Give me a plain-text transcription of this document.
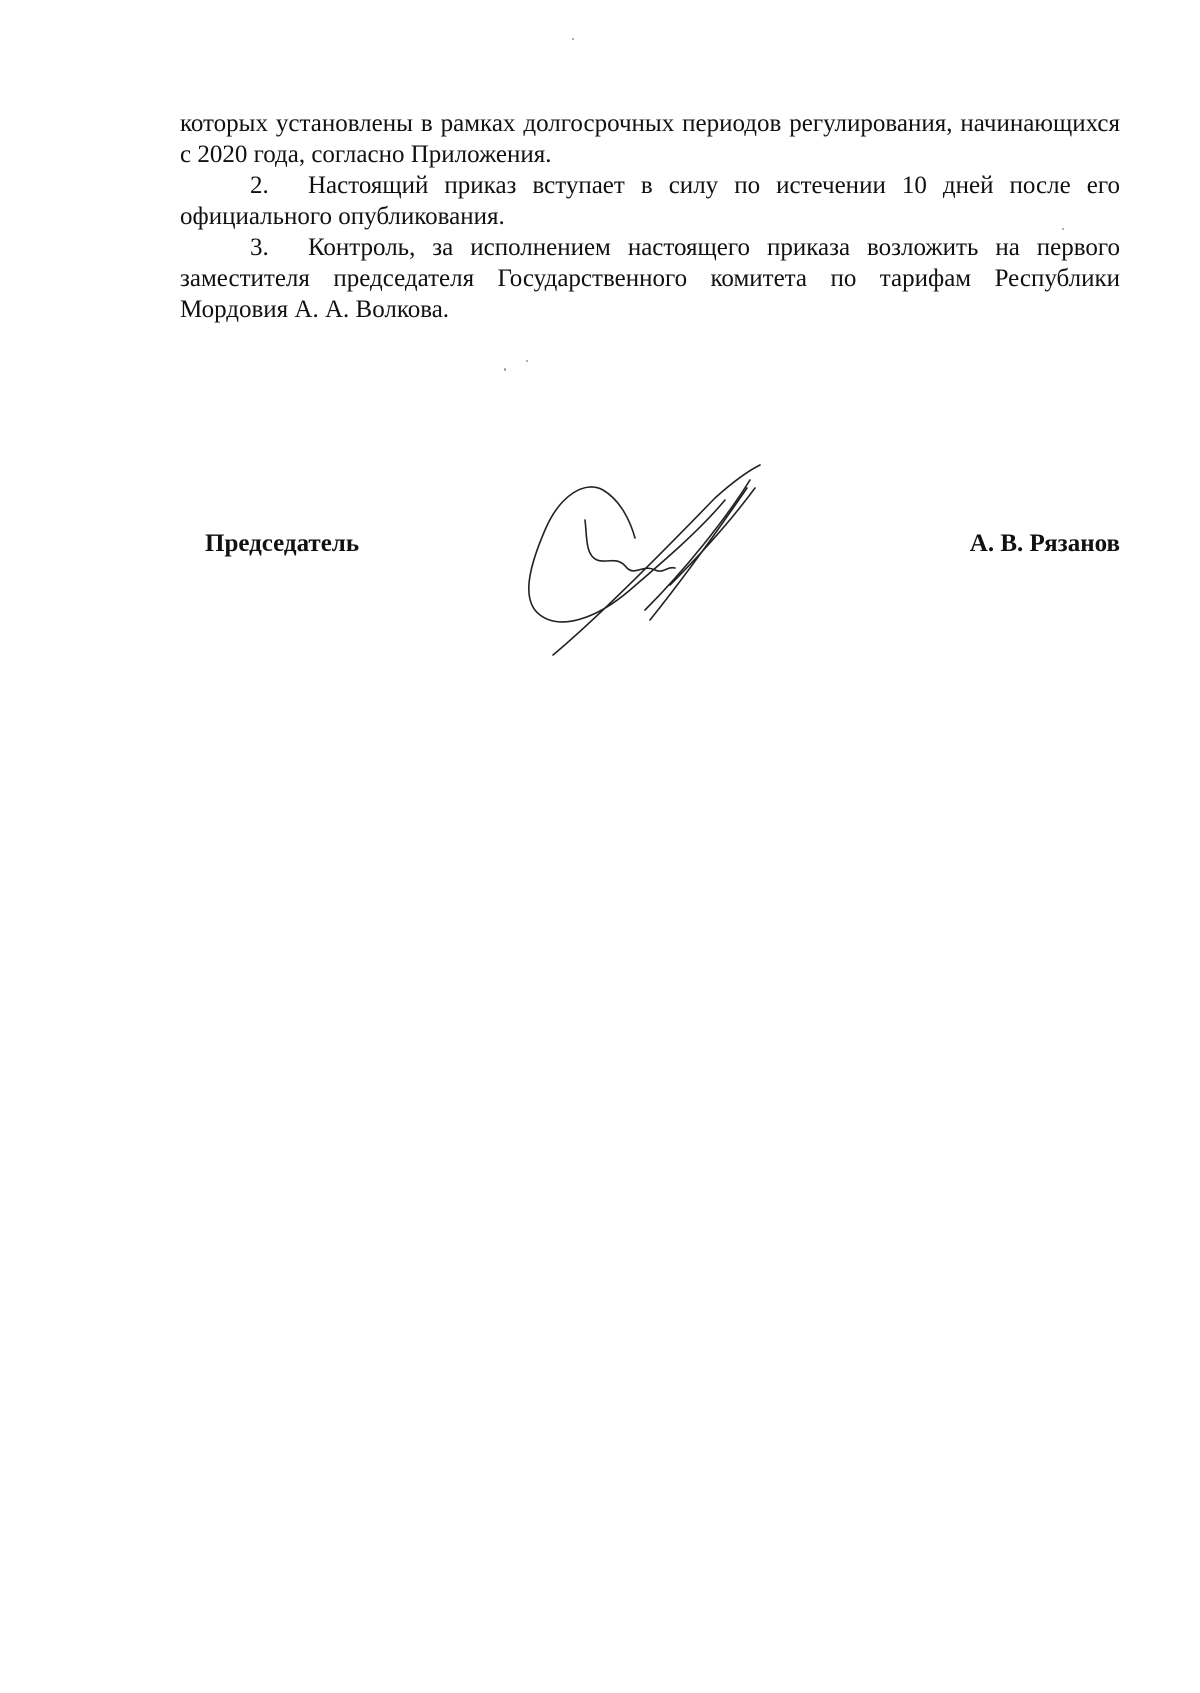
которых установлены в рамках долгосрочных периодов регулирования, начинающихся с 2020 года, согласно Приложения.

2. Настоящий приказ вступает в силу по истечении 10 дней после его официального опубликования.

3. Контроль, за исполнением настоящего приказа возложить на первого заместителя председателя Государственного комитета по тарифам Республики Мордовия А. А. Волкова.

Председатель	А. В. Рязанов
